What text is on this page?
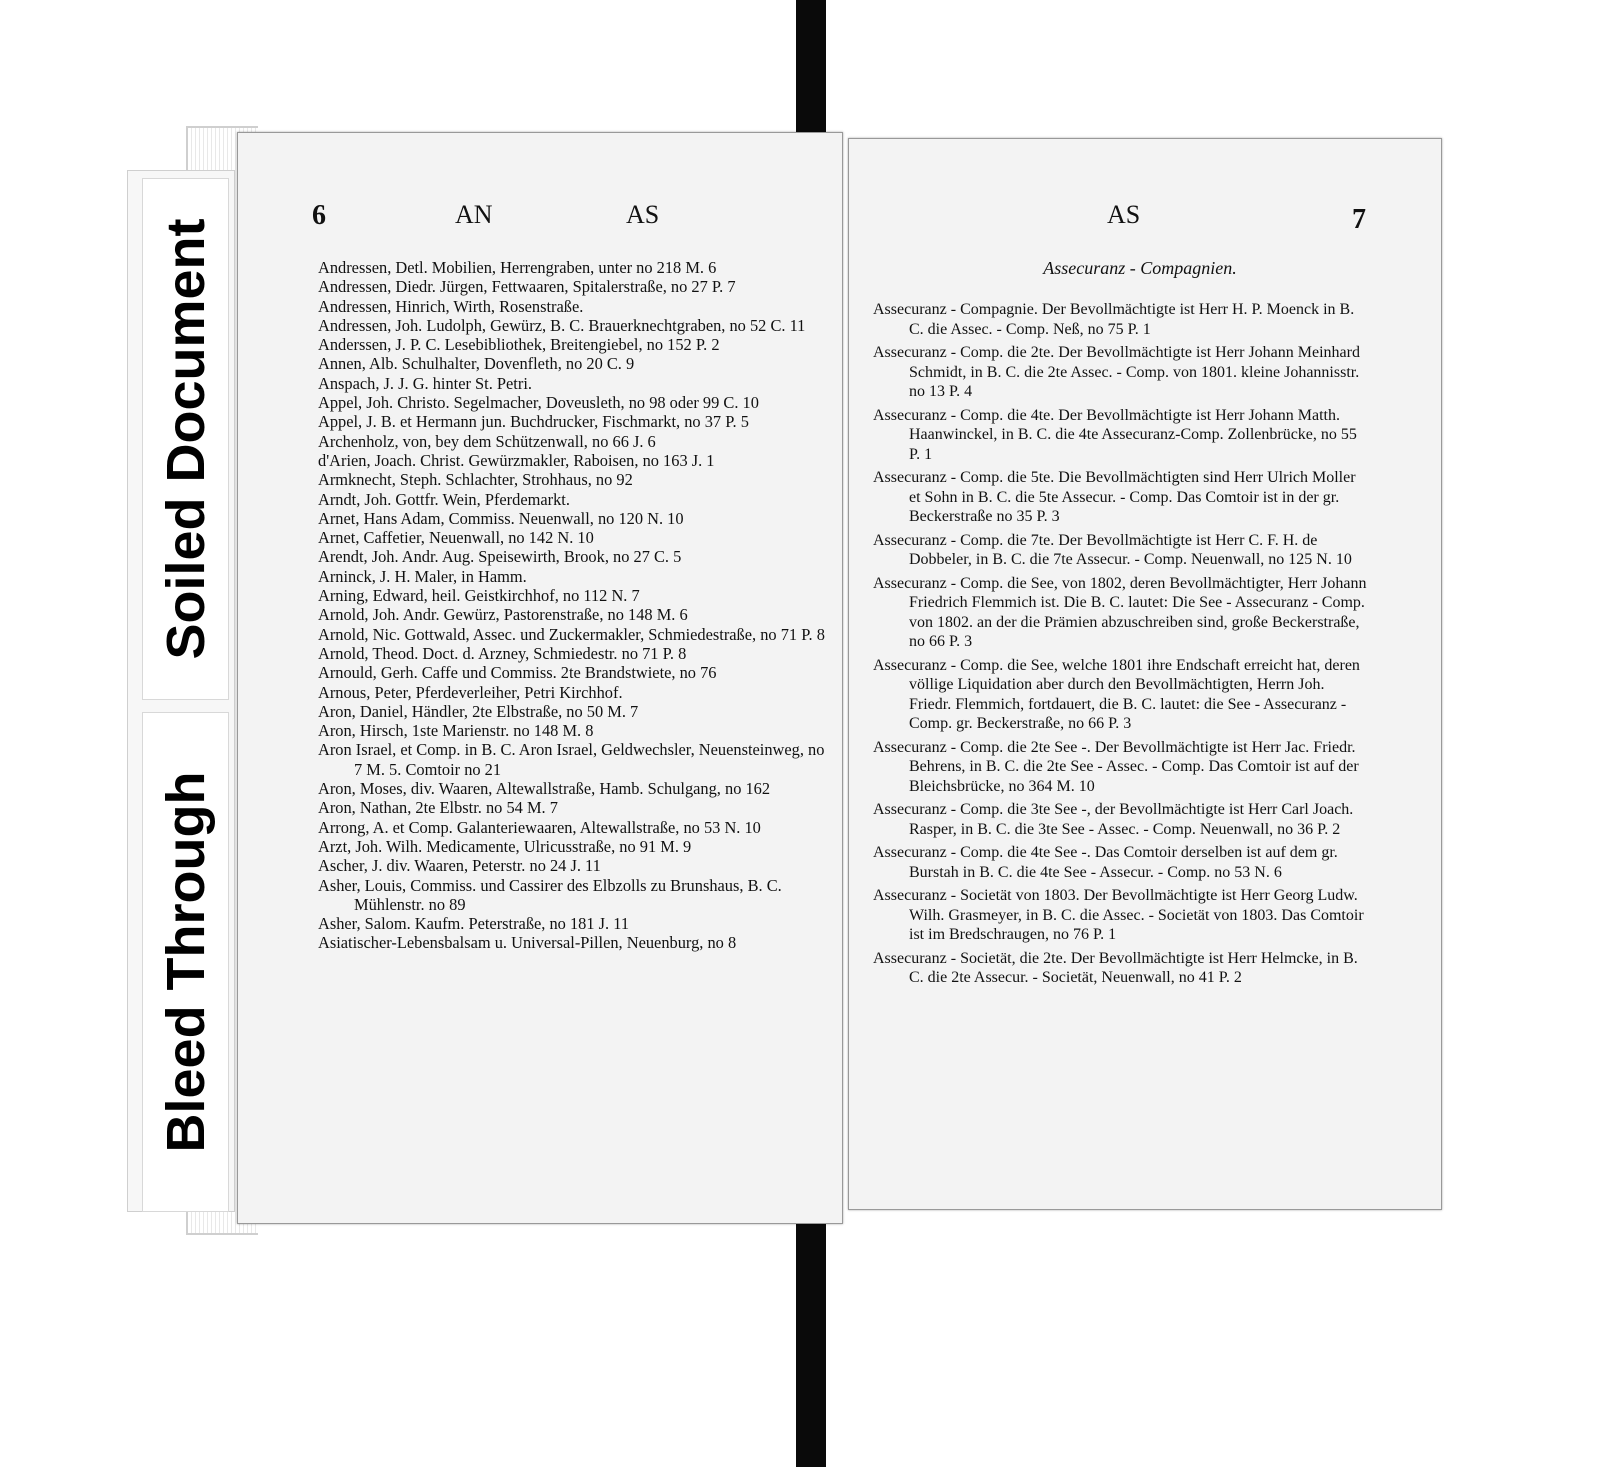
Soiled Document
Bleed Through
6	AN	AS
Andressen, Detl. Mobilien, Herrengraben, unter no 218 M. 6
Andressen, Diedr. Jürgen, Fettwaaren, Spitalerstraße, no 27 P. 7
Andressen, Hinrich, Wirth, Rosenstraße.
Andressen, Joh. Ludolph, Gewürz, B. C. Brauerknechtgraben, no 52 C. 11
Anderssen, J. P. C. Lesebibliothek, Breitengiebel, no 152 P. 2
Annen, Alb. Schulhalter, Dovenfleth, no 20 C. 9
Anspach, J. J. G. hinter St. Petri.
Appel, Joh. Christo. Segelmacher, Doveusleth, no 98 oder 99 C. 10
Appel, J. B. et Hermann jun. Buchdrucker, Fischmarkt, no 37 P. 5
Archenholz, von, bey dem Schützenwall, no 66 J. 6
d'Arien, Joach. Christ. Gewürzmakler, Raboisen, no 163 J. 1
Armknecht, Steph. Schlachter, Strohhaus, no 92
Arndt, Joh. Gottfr. Wein, Pferdemarkt.
Arnet, Hans Adam, Commiss. Neuenwall, no 120 N. 10
Arnet, Caffetier, Neuenwall, no 142 N. 10
Arendt, Joh. Andr. Aug. Speisewirth, Brook, no 27 C. 5
Arninck, J. H. Maler, in Hamm.
Arning, Edward, heil. Geistkirchhof, no 112 N. 7
Arnold, Joh. Andr. Gewürz, Pastorenstraße, no 148 M. 6
Arnold, Nic. Gottwald, Assec. und Zuckermakler, Schmiedestraße, no 71 P. 8
Arnold, Theod. Doct. d. Arzney, Schmiedestr. no 71 P. 8
Arnould, Gerh. Caffe und Commiss. 2te Brandstwiete, no 76
Arnous, Peter, Pferdeverleiher, Petri Kirchhof.
Aron, Daniel, Händler, 2te Elbstraße, no 50 M. 7
Aron, Hirsch, 1ste Marienstr. no 148 M. 8
Aron Israel, et Comp. in B. C. Aron Israel, Geldwechsler, Neuensteinweg, no 7 M. 5. Comtoir no 21
Aron, Moses, div. Waaren, Altewallstraße, Hamb. Schulgang, no 162
Aron, Nathan, 2te Elbstr. no 54 M. 7
Arrong, A. et Comp. Galanteriewaaren, Altewallstraße, no 53 N. 10
Arzt, Joh. Wilh. Medicamente, Ulricusstraße, no 91 M. 9
Ascher, J. div. Waaren, Peterstr. no 24 J. 11
Asher, Louis, Commiss. und Cassirer des Elbzolls zu Brunshaus, B. C. Mühlenstr. no 89
Asher, Salom. Kaufm. Peterstraße, no 181 J. 11
Asiatischer-Lebensbalsam u. Universal-Pillen, Neuenburg, no 8
AS	7
Assecuranz - Compagnien.
Assecuranz - Compagnie. Der Bevollmächtigte ist Herr H. P. Moenck in B. C. die Assec. - Comp. Neß, no 75 P. 1
Assecuranz - Comp. die 2te. Der Bevollmächtigte ist Herr Johann Meinhard Schmidt, in B. C. die 2te Assec. - Comp. von 1801. kleine Johannisstr. no 13 P. 4
Assecuranz - Comp. die 4te. Der Bevollmächtigte ist Herr Johann Matth. Haanwinckel, in B. C. die 4te Assecuranz-Comp. Zollenbrücke, no 55 P. 1
Assecuranz - Comp. die 5te. Die Bevollmächtigten sind Herr Ulrich Moller et Sohn in B. C. die 5te Assecur. - Comp. Das Comtoir ist in der gr. Beckerstraße no 35 P. 3
Assecuranz - Comp. die 7te. Der Bevollmächtigte ist Herr C. F. H. de Dobbeler, in B. C. die 7te Assecur. - Comp. Neuenwall, no 125 N. 10
Assecuranz - Comp. die See, von 1802, deren Bevollmächtigter, Herr Johann Friedrich Flemmich ist. Die B. C. lautet: Die See - Assecuranz - Comp. von 1802. an der die Prämien abzuschreiben sind, große Beckerstraße, no 66 P. 3
Assecuranz - Comp. die See, welche 1801 ihre Endschaft erreicht hat, deren völlige Liquidation aber durch den Bevollmächtigten, Herrn Joh. Friedr. Flemmich, fortdauert, die B. C. lautet: die See - Assecuranz - Comp. gr. Beckerstraße, no 66 P. 3
Assecuranz - Comp. die 2te See -. Der Bevollmächtigte ist Herr Jac. Friedr. Behrens, in B. C. die 2te See - Assec. - Comp. Das Comtoir ist auf der Bleichsbrücke, no 364 M. 10
Assecuranz - Comp. die 3te See -, der Bevollmächtigte ist Herr Carl Joach. Rasper, in B. C. die 3te See - Assec. - Comp. Neuenwall, no 36 P. 2
Assecuranz - Comp. die 4te See -. Das Comtoir derselben ist auf dem gr. Burstah in B. C. die 4te See - Assecur. - Comp. no 53 N. 6
Assecuranz - Societät von 1803. Der Bevollmächtigte ist Herr Georg Ludw. Wilh. Grasmeyer, in B. C. die Assec. - Societät von 1803. Das Comtoir ist im Bredschraugen, no 76 P. 1
Assecuranz - Societät, die 2te. Der Bevollmächtigte ist Herr Helmcke, in B. C. die 2te Assecur. - Societät, Neuenwall, no 41 P. 2
